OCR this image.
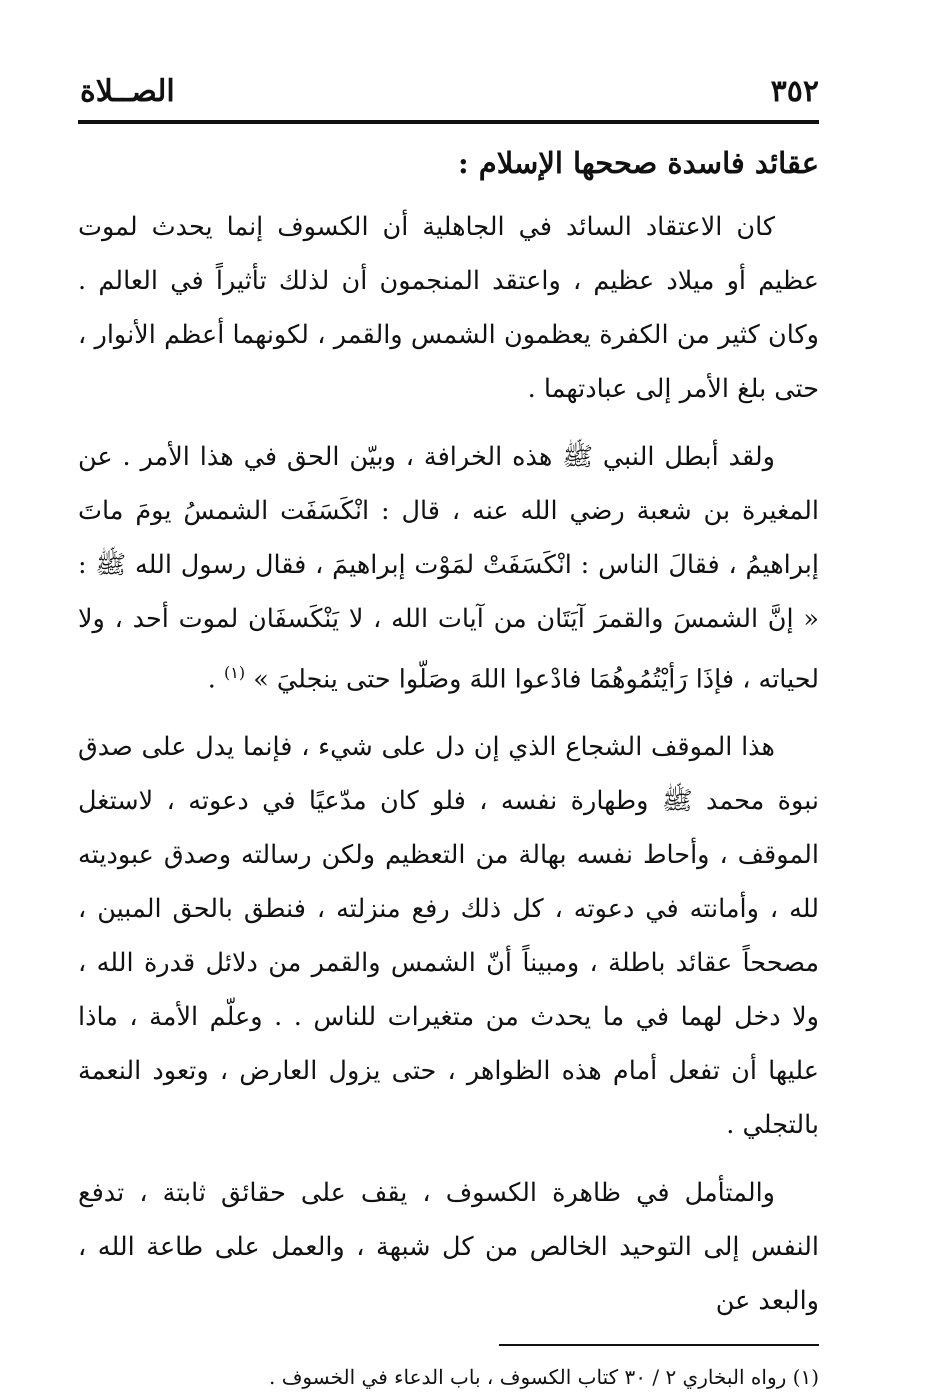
٣٥٢
الصــلاة
عقائد فاسدة صححها الإسلام :

كان الاعتقاد السائد في الجاهلية أن الكسوف إنما يحدث لموت عظيم أو ميلاد عظيم ، واعتقد المنجمون أن لذلك تأثيراً في العالم . وكان كثير من الكفرة يعظمون الشمس والقمر ، لكونهما أعظم الأنوار ، حتى بلغ الأمر إلى عبادتهما .

ولقد أبطل النبي ﷺ هذه الخرافة ، وبيّن الحق في هذا الأمر . عن المغيرة بن شعبة رضي الله عنه ، قال : انْكَسَفَت الشمسُ يومَ ماتَ إبراهيمُ ، فقالَ الناس : انْكَسَفَتْ لمَوْت إبراهيمَ ، فقال رسول الله ﷺ : « إنَّ الشمسَ والقمرَ آيَتَان من آيات الله ، لا يَنْكَسفَان لموت أحد ، ولا لحياته ، فإذَا رَأيْتُمُوهُمَا فادْعوا اللهَ وصَلّوا حتى ينجليَ » $^{(١)}$ .

هذا الموقف الشجاع الذي إن دل على شيء ، فإنما يدل على صدق نبوة محمد ﷺ وطهارة نفسه ، فلو كان مدّعيًا في دعوته ، لاستغل الموقف ، وأحاط نفسه بهالة من التعظيم ولكن رسالته وصدق عبوديته لله ، وأمانته في دعوته ، كل ذلك رفع منزلته ، فنطق بالحق المبين ، مصححاً عقائد باطلة ، ومبيناً أنّ الشمس والقمر من دلائل قدرة الله ، ولا دخل لهما في ما يحدث من متغيرات للناس . . وعلّم الأمة ، ماذا عليها أن تفعل أمام هذه الظواهر ، حتى يزول العارض ، وتعود النعمة بالتجلي .

والمتأمل في ظاهرة الكسوف ، يقف على حقائق ثابتة ، تدفع النفس إلى التوحيد الخالص من كل شبهة ، والعمل على طاعة الله ، والبعد عن

(١) رواه البخاري ٢ / ٣٠ كتاب الكسوف ، باب الدعاء في الخسوف .
